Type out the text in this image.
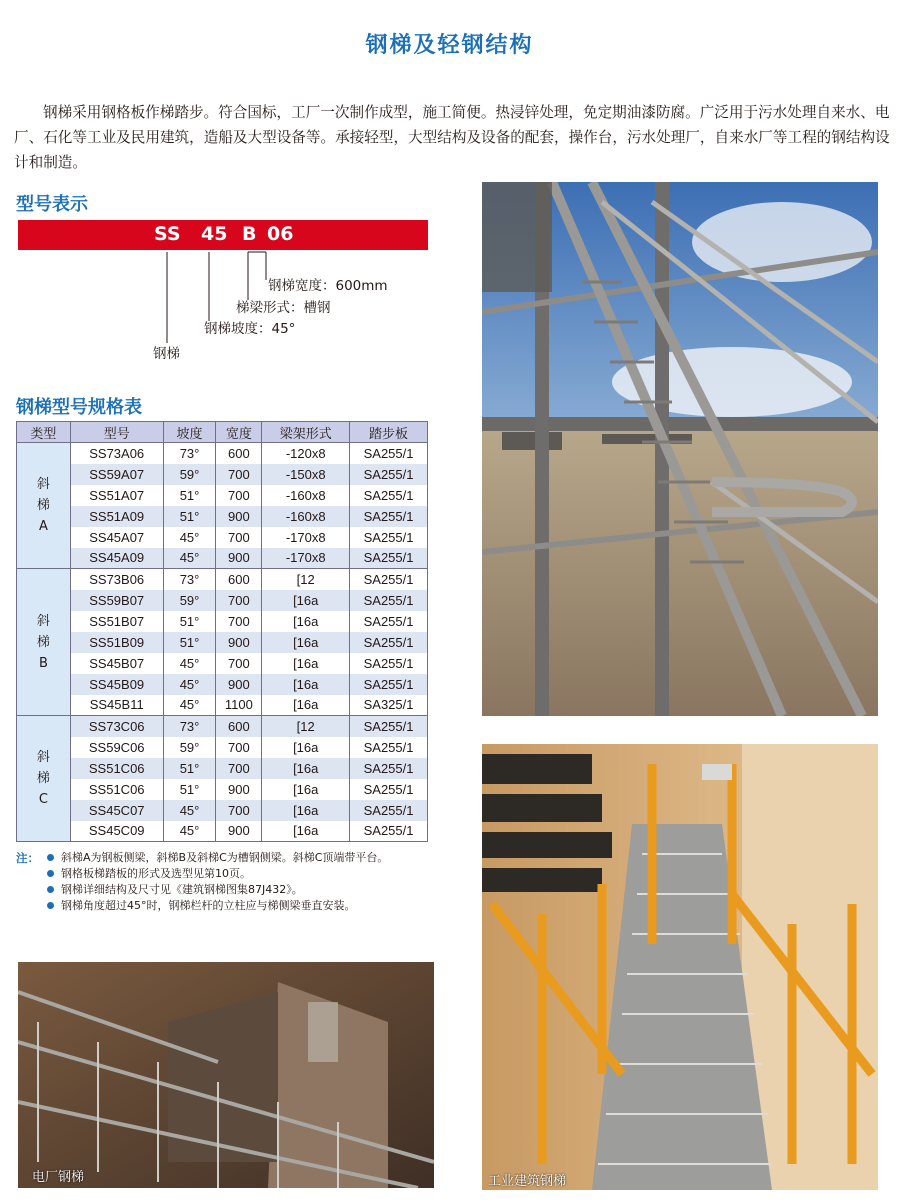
钢梯及轻钢结构
钢梯采用钢格板作梯踏步。符合国标，工厂一次制作成型，施工简便。热浸锌处理，免定期油漆防腐。广泛用于污水处理自来水、电厂、石化等工业及民用建筑，造船及大型设备等。承接轻型，大型结构及设备的配套，操作台，污水处理厂，自来水厂等工程的钢结构设计和制造。
型号表示
SS 45 B 06
钢梯宽度：600mm
梯梁形式：槽钢
钢梯坡度：45°
钢梯
钢梯型号规格表
类型	型号	坡度	宽度	梁架形式	踏步板

斜
梯
A	SS73A06	73°	600	-120x8	SA255/1
	SS59A07	59°	700	-150x8	SA255/1
	SS51A07	51°	700	-160x8	SA255/1
	SS51A09	51°	900	-160x8	SA255/1
	SS45A07	45°	700	-170x8	SA255/1
	SS45A09	45°	900	-170x8	SA255/1

斜
梯
B	SS73B06	73°	600	[12	SA255/1
	SS59B07	59°	700	[16a	SA255/1
	SS51B07	51°	700	[16a	SA255/1
	SS51B09	51°	900	[16a	SA255/1
	SS45B07	45°	700	[16a	SA255/1
	SS45B09	45°	900	[16a	SA255/1
	SS45B11	45°	1100	[16a	SA325/1

斜
梯
C	SS73C06	73°	600	[12	SA255/1
	SS59C06	59°	700	[16a	SA255/1
	SS51C06	51°	700	[16a	SA255/1
	SS51C06	51°	900	[16a	SA255/1
	SS45C07	45°	700	[16a	SA255/1
	SS45C09	45°	900	[16a	SA255/1
注：	斜梯A为钢板侧梁，斜梯B及斜梯C为槽钢侧梁。斜梯C顶端带平台。
钢格板梯踏板的形式及选型见第10页。
钢梯详细结构及尺寸见《建筑钢梯图集87J432》。
钢梯角度超过45°时，钢梯栏杆的立柱应与梯侧梁垂直安装。
电厂钢梯	工业建筑钢梯
